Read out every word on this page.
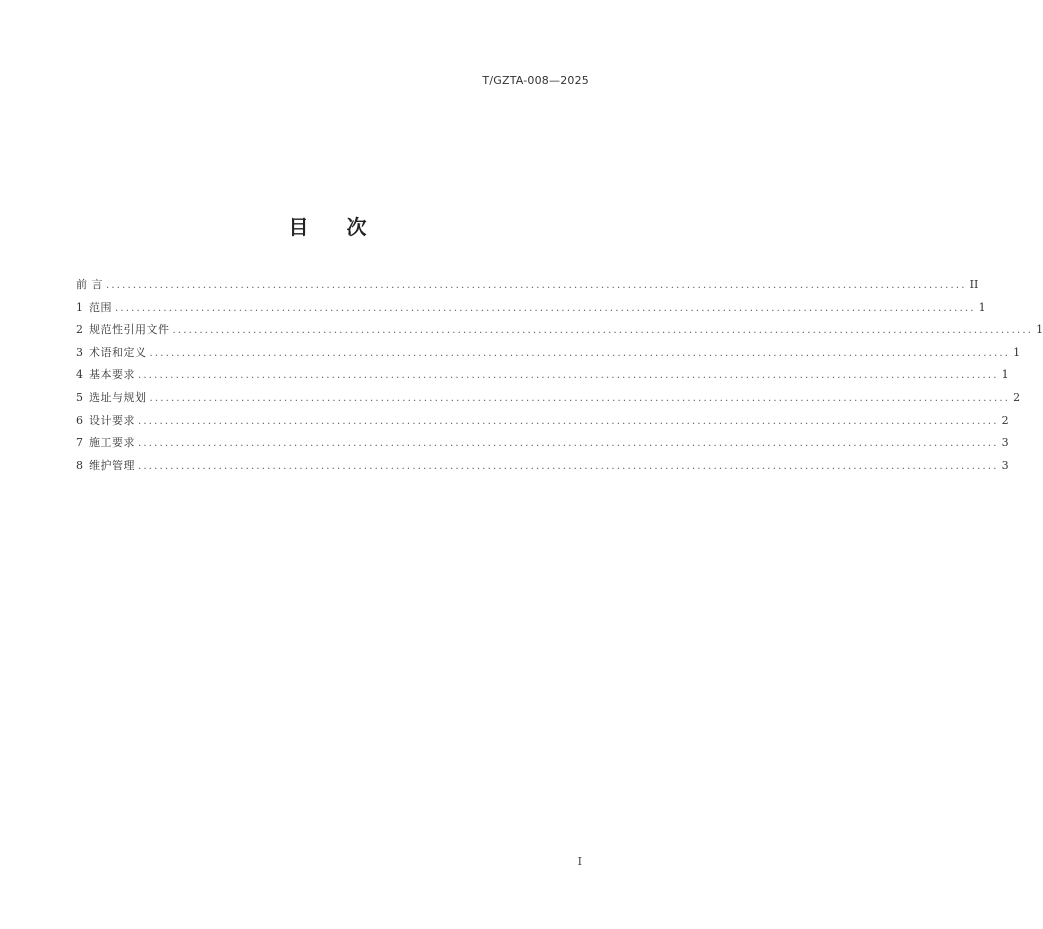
T/GZTA-008—2025
目次
前 言 ................................................................................................................................................................ II
1 范围 ................................................................................................................................................................ 1
2 规范性引用文件 ................................................................................................................................................................ 1
3 术语和定义 ................................................................................................................................................................ 1
4 基本要求 ................................................................................................................................................................ 1
5 选址与规划 ................................................................................................................................................................ 2
6 设计要求 ................................................................................................................................................................ 2
7 施工要求 ................................................................................................................................................................ 3
8 维护管理 ................................................................................................................................................................ 3
I
